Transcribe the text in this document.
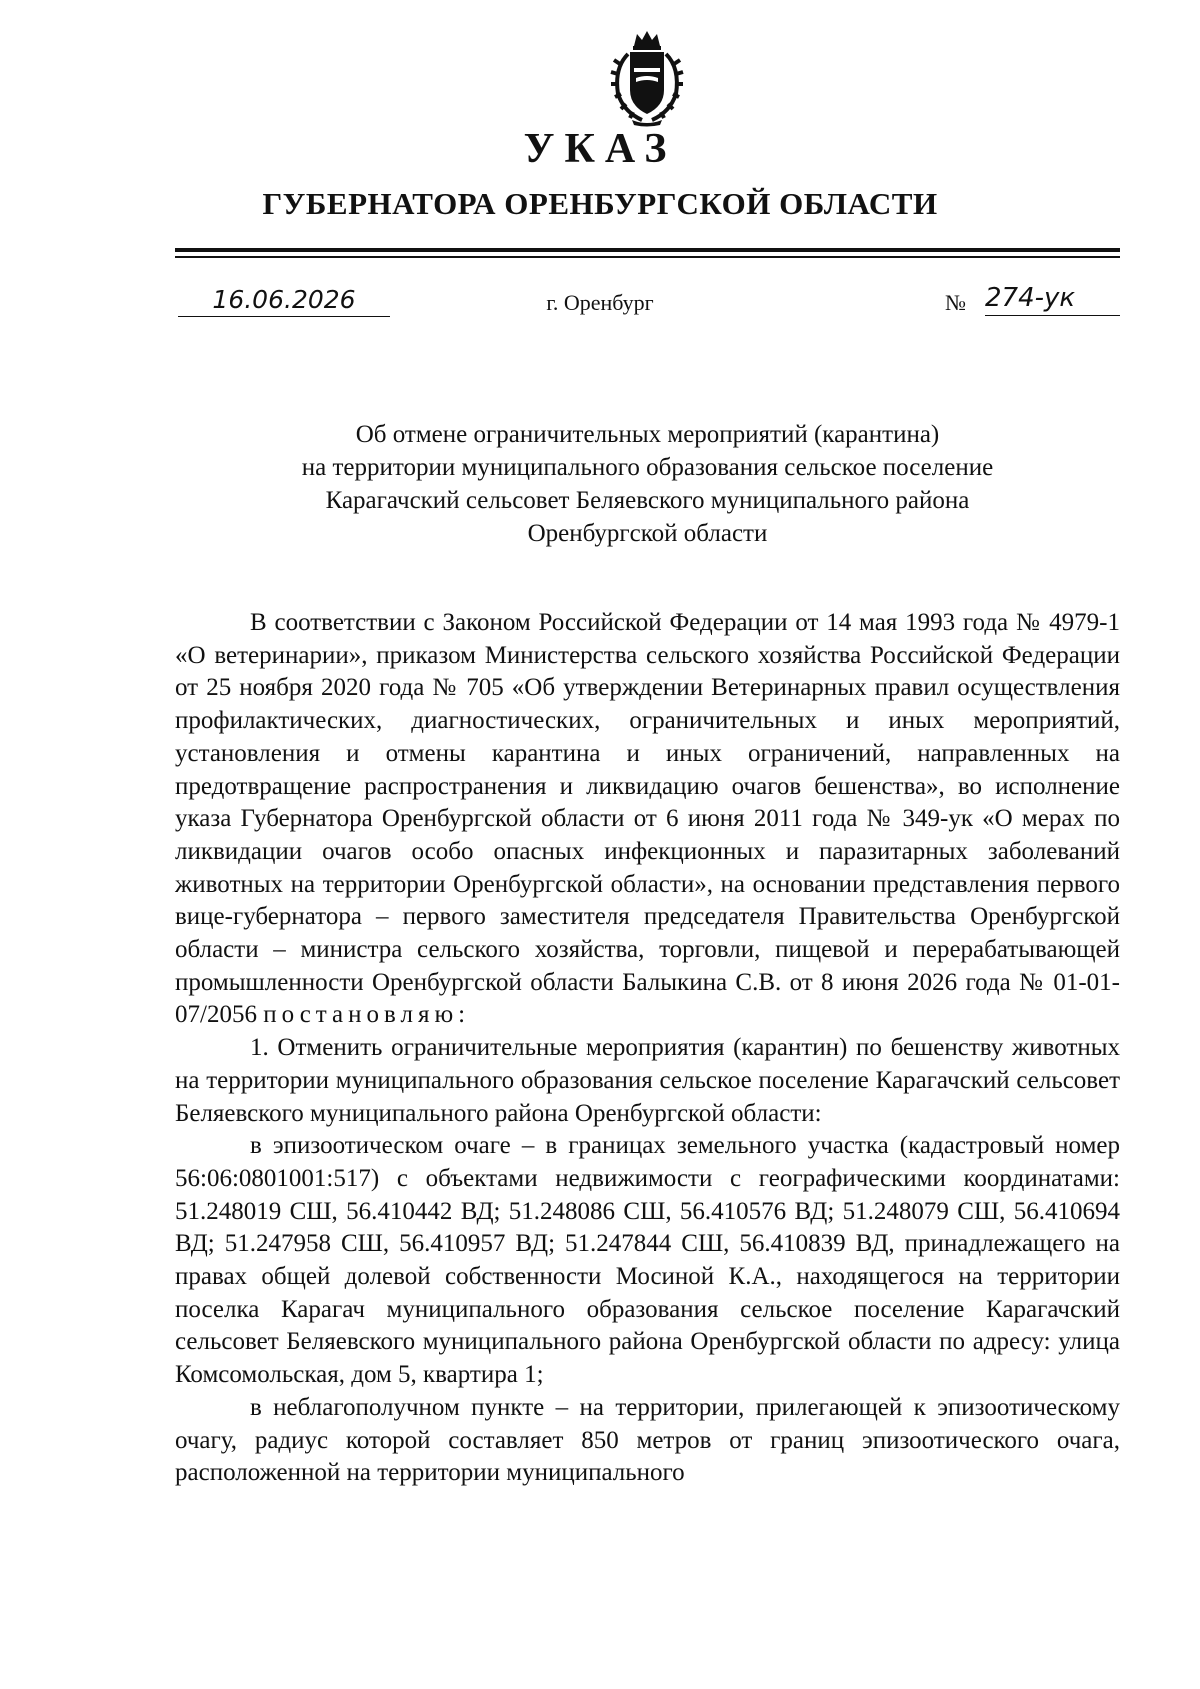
УКАЗ
ГУБЕРНАТОРА ОРЕНБУРГСКОЙ ОБЛАСТИ
16.06.2026	г. Оренбург	№ 274-ук
Об отмене ограничительных мероприятий (карантина)
на территории муниципального образования сельское поселение
Карагачский сельсовет Беляевского муниципального района
Оренбургской области

В соответствии с Законом Российской Федерации от 14 мая 1993 года № 4979-1 «О ветеринарии», приказом Министерства сельского хозяйства Российской Федерации от 25 ноября 2020 года № 705 «Об утверждении Ветеринарных правил осуществления профилактических, диагностических, ограничительных и иных мероприятий, установления и отмены карантина и иных ограничений, направленных на предотвращение распространения и ликвидацию очагов бешенства», во исполнение указа Губернатора Оренбургской области от 6 июня 2011 года № 349-ук «О мерах по ликвидации очагов особо опасных инфекционных и паразитарных заболеваний животных на территории Оренбургской области», на основании представления первого вице-губернатора – первого заместителя председателя Правительства Оренбургской области – министра сельского хозяйства, торговли, пищевой и перерабатывающей промышленности Оренбургской области Балыкина С.В. от 8 июня 2026 года № 01-01-07/2056 постановляю:

1. Отменить ограничительные мероприятия (карантин) по бешенству животных на территории муниципального образования сельское поселение Карагачский сельсовет Беляевского муниципального района Оренбургской области:

в эпизоотическом очаге – в границах земельного участка (кадастровый номер 56:06:0801001:517) с объектами недвижимости с географическими координатами: 51.248019 СШ, 56.410442 ВД; 51.248086 СШ, 56.410576 ВД; 51.248079 СШ, 56.410694 ВД; 51.247958 СШ, 56.410957 ВД; 51.247844 СШ, 56.410839 ВД, принадлежащего на правах общей долевой собственности Мосиной К.А., находящегося на территории поселка Карагач муниципального образования сельское поселение Карагачский сельсовет Беляевского муниципального района Оренбургской области по адресу: улица Комсомольская, дом 5, квартира 1;

в неблагополучном пункте – на территории, прилегающей к эпизоотическому очагу, радиус которой составляет 850 метров от границ эпизоотического очага, расположенной на территории муниципального
